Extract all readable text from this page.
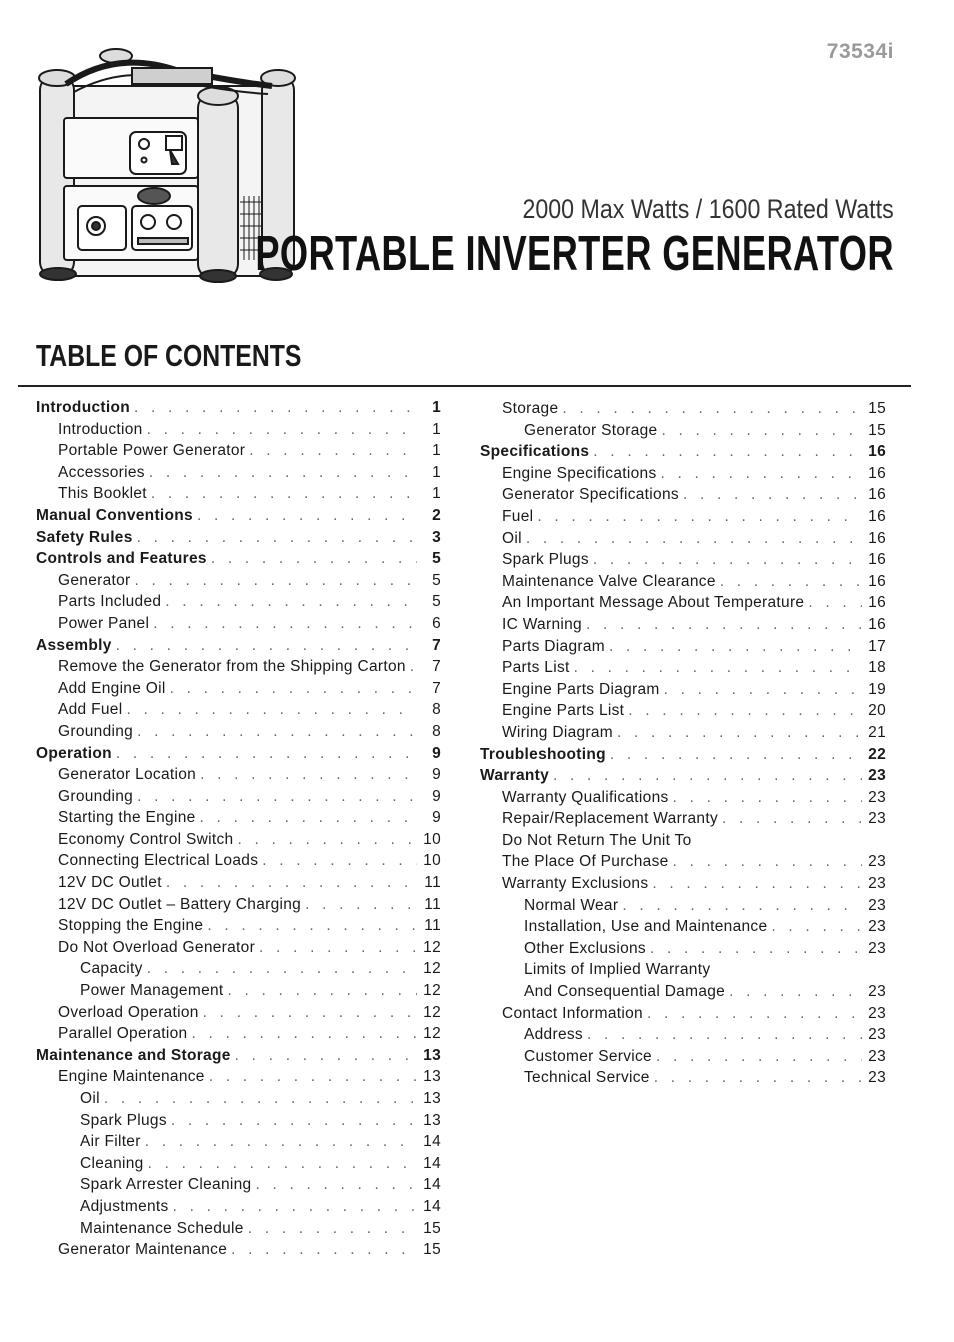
73534i
2000 Max Watts / 1600 Rated Watts
PORTABLE INVERTER GENERATOR
TABLE OF CONTENTS
Introduction . . .	1
Introduction . . .	1
Portable Power Generator . . .	1
Accessories . . .	1
This Booklet . . .	1
Manual Conventions . . .	2
Safety Rules . . .	3
Controls and Features . . .	5
Generator . . .	5
Parts Included . . .	5
Power Panel . . .	6
Assembly . . .	7
Remove the Generator from the Shipping Carton . . .	7
Add Engine Oil . . .	7
Add Fuel . . .	8
Grounding . . .	8
Operation . . .	9
Generator Location . . .	9
Grounding . . .	9
Starting the Engine . . .	9
Economy Control Switch . . .	10
Connecting Electrical Loads . . .	10
12V DC Outlet . . .	11
12V DC Outlet – Battery Charging . . .	11
Stopping the Engine . . .	11
Do Not Overload Generator . . .	12
Capacity . . .	12
Power Management . . .	12
Overload Operation . . .	12
Parallel Operation . . .	12
Maintenance and Storage . . .	13
Engine Maintenance . . .	13
Oil . . .	13
Spark Plugs . . .	13
Air Filter . . .	14
Cleaning . . .	14
Spark Arrester Cleaning . . .	14
Adjustments . . .	14
Maintenance Schedule . . .	15
Generator Maintenance . . .	15
Storage . . .	15
Generator Storage . . .	15
Specifications . . .	16
Engine Specifications . . .	16
Generator Specifications . . .	16
Fuel . . .	16
Oil . . .	16
Spark Plugs . . .	16
Maintenance Valve Clearance . . .	16
An Important Message About Temperature . . .	16
IC Warning . . .	16
Parts Diagram . . .	17
Parts List . . .	18
Engine Parts Diagram . . .	19
Engine Parts List . . .	20
Wiring Diagram . . .	21
Troubleshooting . . .	22
Warranty . . .	23
Warranty Qualifications . . .	23
Repair/Replacement Warranty . . .	23
Do Not Return The Unit To
The Place Of Purchase . . .	23
Warranty Exclusions . . .	23
Normal Wear . . .	23
Installation, Use and Maintenance . . .	23
Other Exclusions . . .	23
Limits of Implied Warranty
And Consequential Damage . . .	23
Contact Information . . .	23
Address . . .	23
Customer Service . . .	23
Technical Service . . .	23
